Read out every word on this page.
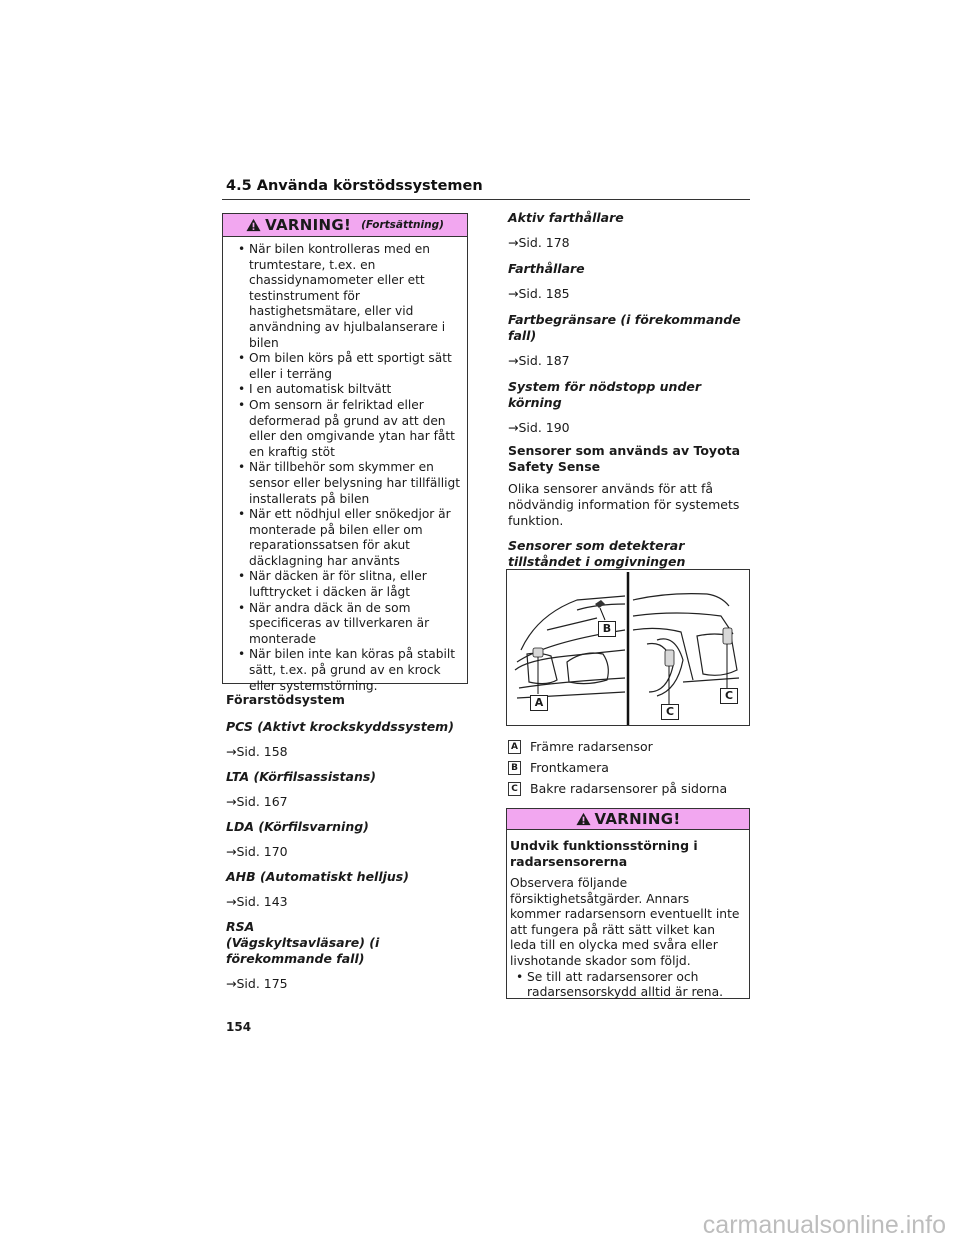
4.5 Använda körstödssystemen
VARNING! (Fortsättning)
• När bilen kontrolleras med en trumtestare, t.ex. en chassidynamometer eller ett testinstrument för hastighetsmätare, eller vid användning av hjulbalanserare i bilen
• Om bilen körs på ett sportigt sätt eller i terräng
• I en automatisk biltvätt
• Om sensorn är felriktad eller deformerad på grund av att den eller den omgivande ytan har fått en kraftig stöt
• När tillbehör som skymmer en sensor eller belysning har tillfälligt installerats på bilen
• När ett nödhjul eller snökedjor är monterade på bilen eller om reparationssatsen för akut däcklagning har använts
• När däcken är för slitna, eller lufttrycket i däcken är lågt
• När andra däck än de som specificeras av tillverkaren är monterade
• När bilen inte kan köras på stabilt sätt, t.ex. på grund av en krock eller systemstörning.

Förarstödsystem

PCS (Aktivt krockskyddssystem)

→Sid. 158

LTA (Körfilsassistans)

→Sid. 167

LDA (Körfilsvarning)

→Sid. 170

AHB (Automatiskt helljus)

→Sid. 143

RSA (Vägskyltsavläsare) (i förekommande fall)

→Sid. 175

Aktiv farthållare

→Sid. 178

Farthållare

→Sid. 185

Fartbegränsare (i förekommande fall)

→Sid. 187

System för nödstopp under körning

→Sid. 190

Sensorer som används av Toyota Safety Sense

Olika sensorer används för att få nödvändig information för systemets funktion.

Sensorer som detekterar tillståndet i omgivningen

A
B
C
C
A Främre radarsensor
B Frontkamera
C Bakre radarsensorer på sidorna
VARNING!

Undvik funktionsstörning i radarsensorerna

Observera följande försiktighetsåtgärder. Annars kommer radarsensorn eventuellt inte att fungera på rätt sätt vilket kan leda till en olycka med svåra eller livshotande skador som följd.

• Se till att radarsensorer och radarsensorskydd alltid är rena.
154
carmanualsonline.info
